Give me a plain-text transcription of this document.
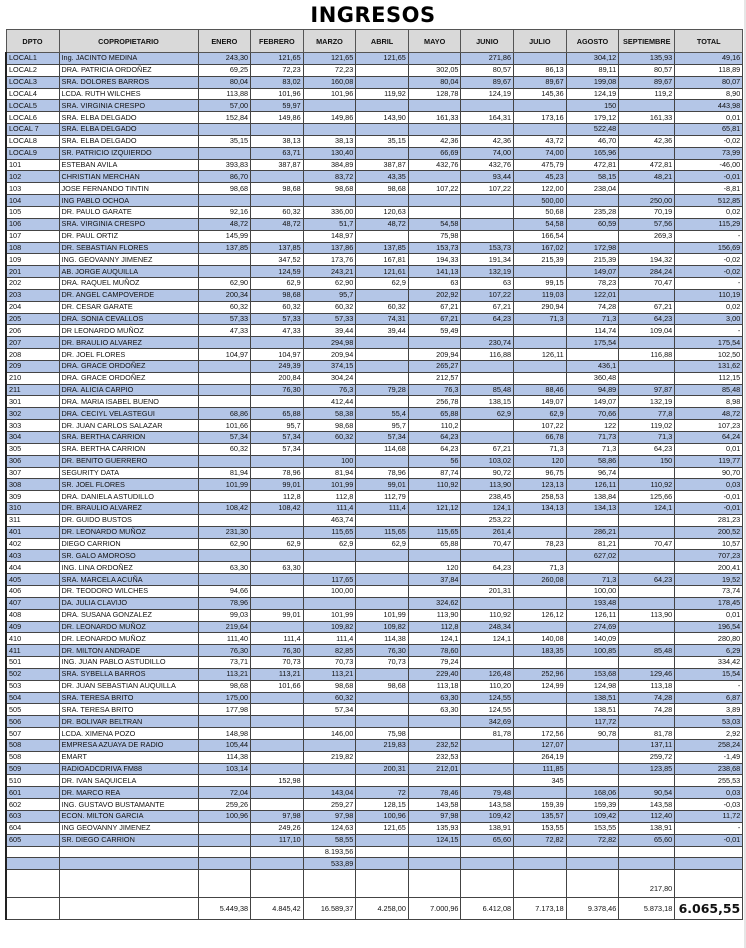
INGRESOS
DPTO	COPROPIETARIO	ENERO	FEBRERO	MARZO	ABRIL	MAYO	JUNIO	JULIO	AGOSTO	SEPTIEMBRE	TOTAL
LOCAL1	Ing. JACINTO MEDINA	243,30	121,65	121,65	121,65		271,86		304,12	135,93	49,16
LOCAL2	DRA. PATRICIA ORDOÑEZ	69,25	72,23	72,23		302,05	80,57	86,13	89,11	80,57	118,89
LOCAL3	SRA. DOLORES BARROS	80,04	83,02	160,08		80,04	89,67	89,67	199,08	89,67	80,07
LOCAL4	LCDA. RUTH WILCHES	113,88	101,96	101,96	119,92	128,78	124,19	145,36	124,19	119,2	8,90
LOCAL5	SRA. VIRGINIA CRESPO	57,00	59,97						150		443,98
LOCAL6	SRA. ELBA DELGADO	152,84	149,86	149,86	143,90	161,33	164,31	173,16	179,12	161,33	0,01
LOCAL 7	SRA. ELBA DELGADO								522,48		65,81
LOCAL8	SRA. ELBA DELGADO	35,15	38,13	38,13	35,15	42,36	42,36	43,72	46,70	42,36	-0,02
LOCAL9	SR. PATRICIO IZQUIERDO		63,71	130,40		66,69	74,00	74,00	165,96		73,99
101	ESTEBAN AVILA	393,83	387,87	384,89	387,87	432,76	432,76	475,79	472,81	472,81	-46,00
102	CHRISTIAN MERCHAN	86,70		83,72	43,35		93,44	45,23	58,15	48,21	-0,01
103	JOSE FERNANDO TINTIN	98,68	98,68	98,68	98,68	107,22	107,22	122,00	238,04		-8,81
104	ING PABLO OCHOA							500,00		250,00	512,85
105	DR. PAULO GARATE	92,16	60,32	336,00	120,63			50,68	235,28	70,19	0,02
106	SRA. VIRGINIA CRESPO	48,72	48,72	51,7	48,72	54,58		54,58	60,59	57,56	115,29
107	DR. PAUL ORTIZ	145,99		148,97		75,98		166,54		269,3	-
108	DR. SEBASTIAN FLORES	137,85	137,85	137,86	137,85	153,73	153,73	167,02	172,98		156,69
109	ING. GEOVANNY JIMENEZ		347,52	173,76	167,81	194,33	191,34	215,39	215,39	194,32	-0,02
201	AB. JORGE AUQUILLA		124,59	243,21	121,61	141,13	132,19		149,07	284,24	-0,02
202	DRA. RAQUEL MUÑOZ	62,90	62,9	62,90	62,9	63	63	99,15	78,23	70,47	-
203	DR. ANGEL CAMPOVERDE	200,34	98,68	95,7		202,92	107,22	119,03	122,01		110,19
204	DR. CESAR GARATE	60,32	60,32	60,32	60,32	67,21	67,21	290,94	74,28	67,21	0,02
205	DRA. SONIA CEVALLOS	57,33	57,33	57,33	74,31	67,21	64,23	71,3	71,3	64,23	3,00
206	DR LEONARDO MUÑOZ	47,33	47,33	39,44	39,44	59,49			114,74	109,04	-
207	DR. BRAULIO ALVAREZ			294,98			230,74		175,54		175,54
208	DR. JOEL FLORES	104,97	104,97	209,94		209,94	116,88	126,11		116,88	102,50
209	DRA. GRACE ORDOÑEZ		249,39	374,15		265,27			436,1		131,62
210	DRA. GRACE ORDOÑEZ		200,84	304,24		212,57			360,48		112,15
211	DRA. ALICIA CARPIO		76,30	76,3	79,28	76,3	85,48	88,46	94,89	97,87	85,48
301	DRA. MARIA ISABEL BUENO			412,44		256,78	138,15	149,07	149,07	132,19	8,98
302	DRA. CECIYL VELASTEGUI	68,86	65,88	58,38	55,4	65,88	62,9	62,9	70,66	77,8	48,72
303	DR. JUAN CARLOS SALAZAR	101,66	95,7	98,68	95,7	110,2		107,22	122	119,02	107,23
304	SRA. BERTHA CARRION	57,34	57,34	60,32	57,34	64,23		66,78	71,73	71,3	64,24
305	SRA. BERTHA CARRION	60,32	57,34		114,68	64,23	67,21	71,3	71,3	64,23	0,01
306	DR. BENITO GUERRERO			100		56	103,02	120	58,86	150	119,77
307	SEGURITY DATA	81,94	78,96	81,94	78,96	87,74	90,72	96,75	96,74		90,70
308	SR. JOEL FLORES	101,99	99,01	101,99	99,01	110,92	113,90	123,13	126,11	110,92	0,03
309	DRA. DANIELA ASTUDILLO		112,8	112,8	112,79		238,45	258,53	138,84	125,66	-0,01
310	DR. BRAULIO ALVAREZ	108,42	108,42	111,4	111,4	121,12	124,1	134,13	134,13	124,1	-0,01
311	DR. GUIDO BUSTOS			463,74			253,22				281,23
401	DR. LEONARDO MUÑOZ	231,30		115,65	115,65	115,65	261,4		286,21		200,52
402	DIEGO CARRION	62,90	62,9	62,9	62,9	65,88	70,47	78,23	81,21	70,47	10,57
403	SR. GALO AMOROSO								627,02		707,23
404	ING. LINA ORDOÑEZ	63,30	63,30			120	64,23	71,3			200,41
405	SRA. MARCELA ACUÑA			117,65		37,84		260,08	71,3	64,23	19,52
406	DR. TEODORO WILCHES	94,66		100,00			201,31		100,00		73,74
407	DA. JULIA CLAVIJO	78,96				324,62			193,48		178,45
408	DRA. SUSANA GONZALEZ	99,03	99,01	101,99	101,99	113,90	110,92	126,12	126,11	113,90	0,01
409	DR. LEONARDO MUÑOZ	219,64		109,82	109,82	112,8	248,34		274,69		196,54
410	DR. LEONARDO MUÑOZ	111,40	111,4	111,4	114,38	124,1	124,1	140,08	140,09		280,80
411	DR. MILTON ANDRADE	76,30	76,30	82,85	76,30	78,60		183,35	100,85	85,48	6,29
501	ING. JUAN PABLO ASTUDILLO	73,71	70,73	70,73	70,73	79,24					334,42
502	SRA. SYBELLA BARROS	113,21	113,21	113,21		229,40	126,48	252,96	153,68	129,46	15,54
503	DR. JUAN SEBASTIAN AUQUILLA	98,68	101,66	98,68	98,68	113,18	110,20	124,99	124,98	113,18	-
504	SRA. TERESA BRITO	175,00		60,32		63,30	124,55		138,51	74,28	6,87
505	SRA. TERESA BRITO	177,98		57,34		63,30	124,55		138,51	74,28	3,89
506	DR. BOLIVAR BELTRAN						342,69		117,72		53,03
507	LCDA. XIMENA POZO	148,98		146,00	75,98		81,78	172,56	90,78	81,78	2,92
508	EMPRESA AZUAYA DE RADIO	105,44			219,83	232,52		127,07		137,11	258,24
508	EMART	114,38		219,82		232,53		264,19		259,72	-1,49
509	RADIOADCDRIVA FM88	103,14			200,31	212,01		111,85		123,85	238,68
510	DR. IVAN SAQUICELA		152,98					345			255,53
601	DR. MARCO REA	72,04		143,04	72	78,46	79,48		168,06	90,54	0,03
602	ING. GUSTAVO BUSTAMANTE	259,26		259,27	128,15	143,58	143,58	159,39	159,39	143,58	-0,03
603	ECON. MILTON GARCIA	100,96	97,98	97,98	100,96	97,98	109,42	135,57	109,42	112,40	11,72
604	ING GEOVANNY JIMENEZ		249,26	124,63	121,65	135,93	138,91	153,55	153,55	138,91	-
605	SR. DIEGO CARRION		117,10	58,55		124,15	65,60	72,82	72,82	65,60	-0,01
				8.193,56							
				533,89							
										217,80	
		5.449,38	4.845,42	16.589,37	4.258,00	7.000,96	6.412,08	7.173,18	9.378,46	5.873,18	6.065,55
